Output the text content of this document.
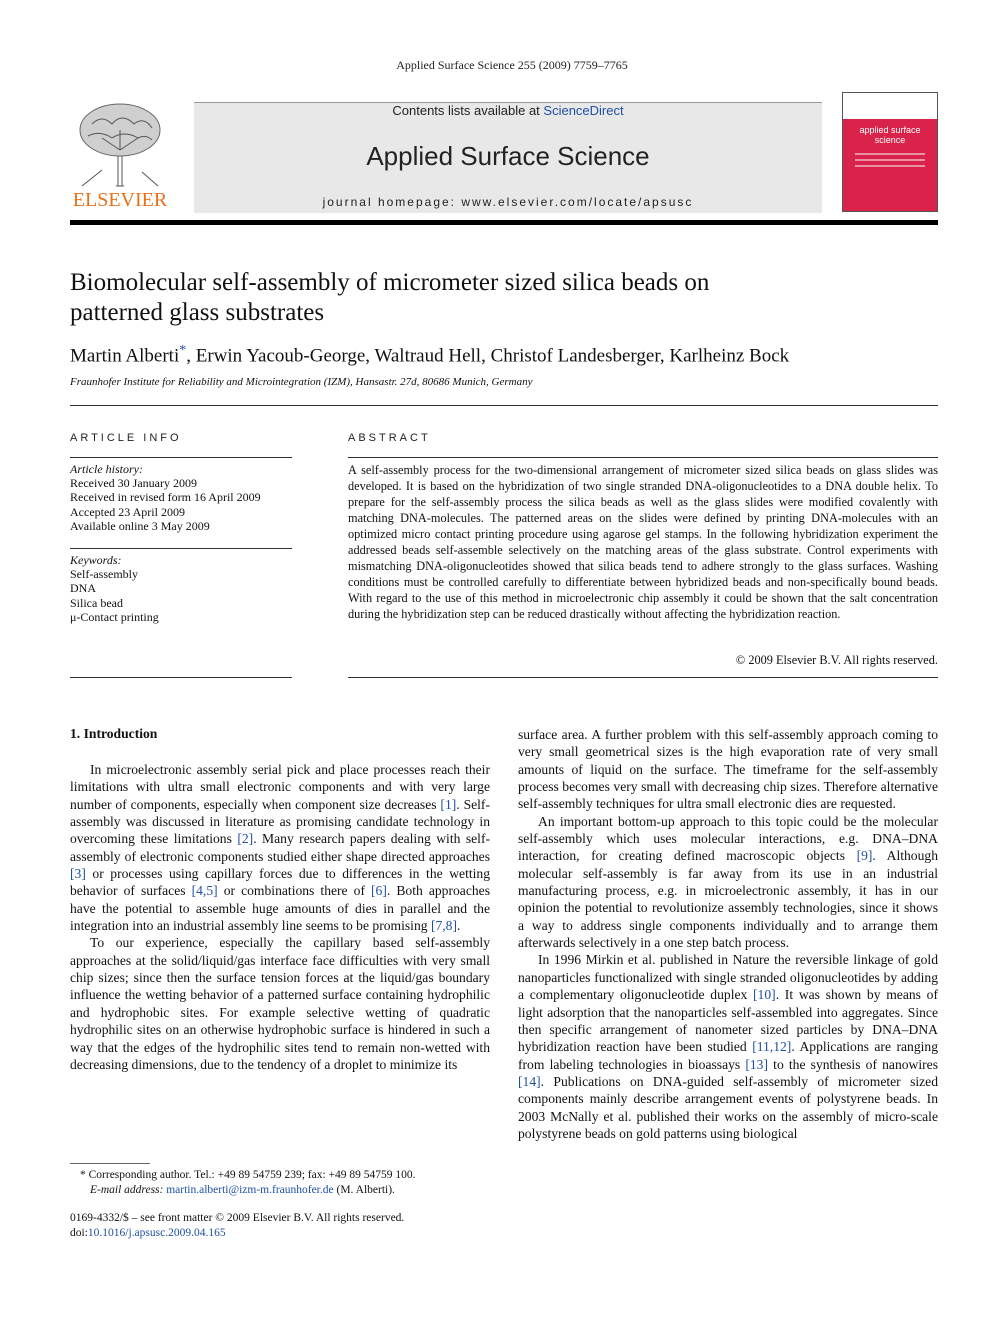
Applied Surface Science 255 (2009) 7759–7765
ELSEVIER
Contents lists available at ScienceDirect
Applied Surface Science
journal homepage: www.elsevier.com/locate/apsusc
applied surface science
Biomolecular self-assembly of micrometer sized silica beads on
patterned glass substrates
Martin Alberti*, Erwin Yacoub-George, Waltraud Hell, Christof Landesberger, Karlheinz Bock
Fraunhofer Institute for Reliability and Microintegration (IZM), Hansastr. 27d, 80686 Munich, Germany
ARTICLE INFO	ABSTRACT
Article history:
Received 30 January 2009
Received in revised form 16 April 2009
Accepted 23 April 2009
Available online 3 May 2009
Keywords:
Self-assembly
DNA
Silica bead
μ-Contact printing
A self-assembly process for the two-dimensional arrangement of micrometer sized silica beads on glass slides was developed. It is based on the hybridization of two single stranded DNA-oligonucleotides to a DNA double helix. To prepare for the self-assembly process the silica beads as well as the glass slides were modified covalently with matching DNA-molecules. The patterned areas on the slides were defined by printing DNA-molecules with an optimized micro contact printing procedure using agarose gel stamps. In the following hybridization experiment the addressed beads self-assemble selectively on the matching areas of the glass substrate. Control experiments with mismatching DNA-oligonucleotides showed that silica beads tend to adhere strongly to the glass surfaces. Washing conditions must be controlled carefully to differentiate between hybridized beads and non-specifically bound beads. With regard to the use of this method in microelectronic chip assembly it could be shown that the salt concentration during the hybridization step can be reduced drastically without affecting the hybridization reaction.
© 2009 Elsevier B.V. All rights reserved.
1. Introduction

In microelectronic assembly serial pick and place processes reach their limitations with ultra small electronic components and with very large number of components, especially when component size decreases [1]. Self-assembly was discussed in literature as promising candidate technology in overcoming these limitations [2]. Many research papers dealing with self-assembly of electronic components studied either shape directed approaches [3] or processes using capillary forces due to differences in the wetting behavior of surfaces [4,5] or combinations there of [6]. Both approaches have the potential to assemble huge amounts of dies in parallel and the integration into an industrial assembly line seems to be promising [7,8].

To our experience, especially the capillary based self-assembly approaches at the solid/liquid/gas interface face difficulties with very small chip sizes; since then the surface tension forces at the liquid/gas boundary influence the wetting behavior of a patterned surface containing hydrophilic and hydrophobic sites. For example selective wetting of quadratic hydrophilic sites on an otherwise hydrophobic surface is hindered in such a way that the edges of the hydrophilic sites tend to remain non-wetted with decreasing dimensions, due to the tendency of a droplet to minimize its

surface area. A further problem with this self-assembly approach coming to very small geometrical sizes is the high evaporation rate of very small amounts of liquid on the surface. The timeframe for the self-assembly process becomes very small with decreasing chip sizes. Therefore alternative self-assembly techniques for ultra small electronic dies are requested.

An important bottom-up approach to this topic could be the molecular self-assembly which uses molecular interactions, e.g. DNA–DNA interaction, for creating defined macroscopic objects [9]. Although molecular self-assembly is far away from its use in an industrial manufacturing process, e.g. in microelectronic assembly, it has in our opinion the potential to revolutionize assembly technologies, since it shows a way to address single components individually and to arrange them afterwards selectively in a one step batch process.

In 1996 Mirkin et al. published in Nature the reversible linkage of gold nanoparticles functionalized with single stranded oligonucleotides by adding a complementary oligonucleotide duplex [10]. It was shown by means of light adsorption that the nanoparticles self-assembled into aggregates. Since then specific arrangement of nanometer sized particles by DNA–DNA hybridization reaction have been studied [11,12]. Applications are ranging from labeling technologies in bioassays [13] to the synthesis of nanowires [14]. Publications on DNA-guided self-assembly of micrometer sized components mainly describe arrangement events of polystyrene beads. In 2003 McNally et al. published their works on the assembly of micro-scale polystyrene beads on gold patterns using biological

* Corresponding author. Tel.: +49 89 54759 239; fax: +49 89 54759 100.
E-mail address: martin.alberti@izm-m.fraunhofer.de (M. Alberti).
0169-4332/$ – see front matter © 2009 Elsevier B.V. All rights reserved.
doi:10.1016/j.apsusc.2009.04.165
